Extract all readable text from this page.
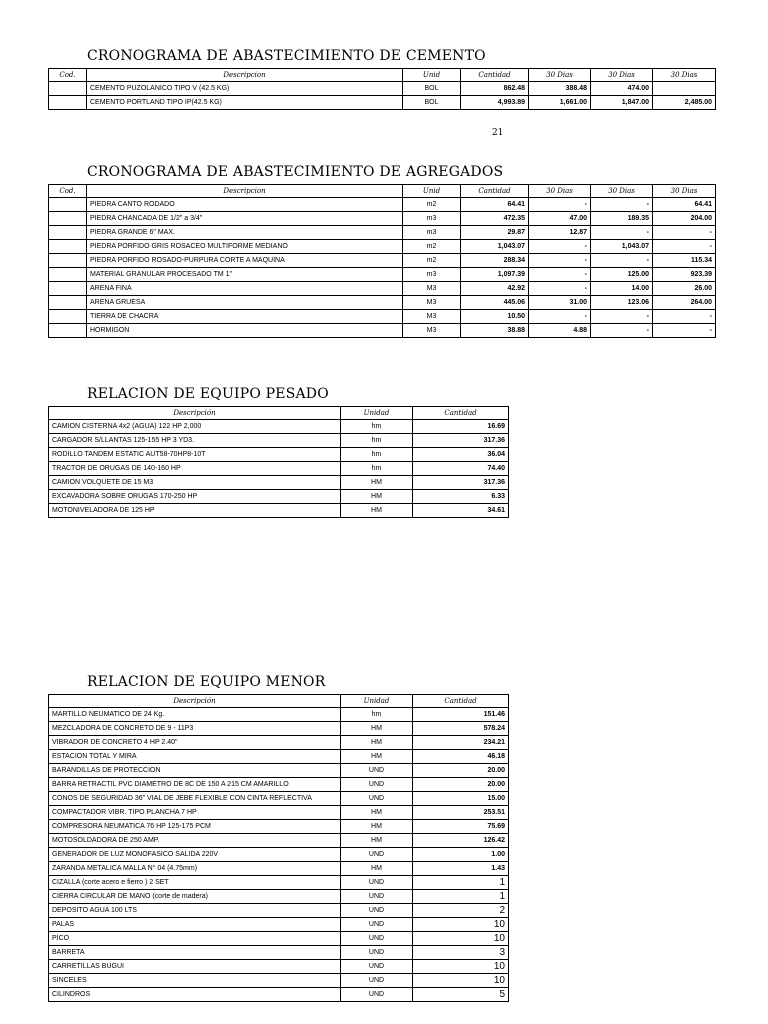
CRONOGRAMA DE ABASTECIMIENTO DE CEMENTO
Cod.	Descripcion	Unid	Cantidad	30 Dias	30 Dias	30 Dias
	CEMENTO PUZOLANICO TIPO V (42.5 KG)	BOL	862.48	388.48	474.00	
	CEMENTO PORTLAND TIPO IP(42.5 KG)	BOL	4,993.89	1,661.00	1,847.00	2,485.00
21
CRONOGRAMA DE ABASTECIMIENTO DE AGREGADOS
Cod.	Descripcion	Unid	Cantidad	30 Dias	30 Dias	30 Dias
	PIEDRA CANTO RODADO	m2	64.41	-	-	64.41
	PIEDRA CHANCADA DE 1/2" a 3/4"	m3	472.35	47.00	189.35	204.00
	PIEDRA GRANDE 6" MAX.	m3	29.87	12.87	-	-
	PIEDRA PORFIDO GRIS ROSACEO MULTIFORME MEDIANO	m2	1,043.07	-	1,043.07	-
	PIEDRA PORFIDO ROSADO-PURPURA CORTE A MAQUINA	m2	288.34	-	-	115.34
	MATERIAL GRANULAR PROCESADO TM 1"	m3	1,097.39	-	125.00	923.39
	ARENA FINA	M3	42.92	-	14.00	26.00
	ARENA GRUESA	M3	445.06	31.00	123.06	264.00
	TIERRA DE CHACRA	M3	10.50	-	-	-
	HORMIGON	M3	38.88	4.88	-	-
RELACION DE EQUIPO PESADO
Descripción	Unidad	Cantidad
CAMION CISTERNA 4x2 (AGUA) 122 HP 2,000	hm	16.69
CARGADOR S/LLANTAS 125-155 HP 3 YD3.	hm	317.36
RODILLO TANDEM ESTATIC AUT58-70HP8-10T	hm	36.04
TRACTOR DE ORUGAS DE 140-160 HP	hm	74.40
CAMION VOLQUETE DE 15 M3	HM	317.36
EXCAVADORA SOBRE ORUGAS 170-250 HP	HM	6.33
MOTONIVELADORA DE 125 HP	HM	34.61
RELACION DE EQUIPO MENOR
Descripción	Unidad	Cantidad
MARTILLO NEUMATICO DE 24 Kg.	hm	151.46
MEZCLADORA DE CONCRETO DE 9 - 11P3	HM	578.24
VIBRADOR DE CONCRETO 4 HP 2.40"	HM	234.21
ESTACION TOTAL Y MIRA	HM	46.18
BARANDILLAS DE PROTECCION	UND	20.00
BARRA RETRACTIL PVC DIAMETRO DE 8C DE 150 A 215 CM AMARILLO	UND	20.00
CONOS DE SEGURIDAD 36" VIAL DE JEBE FLEXIBLE CON CINTA REFLECTIVA	UND	15.00
COMPACTADOR VIBR. TIPO PLANCHA 7 HP	HM	253.51
COMPRESORA NEUMATICA 76 HP 125-175 PCM	HM	75.69
MOTOSOLDADORA DE 250 AMP.	HM	126.42
GENERADOR DE LUZ MONOFASICO SALIDA 220V	UND	1.00
ZARANDA METALICA MALLA N° 04 (4.75mm)	HM	1.43
CIZALLA (corte acero e fierro ) 2 SET	UND	1
CIERRA CIRCULAR DE MANO (corte de madera)	UND	1
DEPOSITO AGUA 100 LTS	UND	2
PALAS	UND	10
PICO	UND	10
BARRETA	UND	3
CARRETILLAS BUGUI	UND	10
SINCELES	UND	10
CILINDROS	UND	5
